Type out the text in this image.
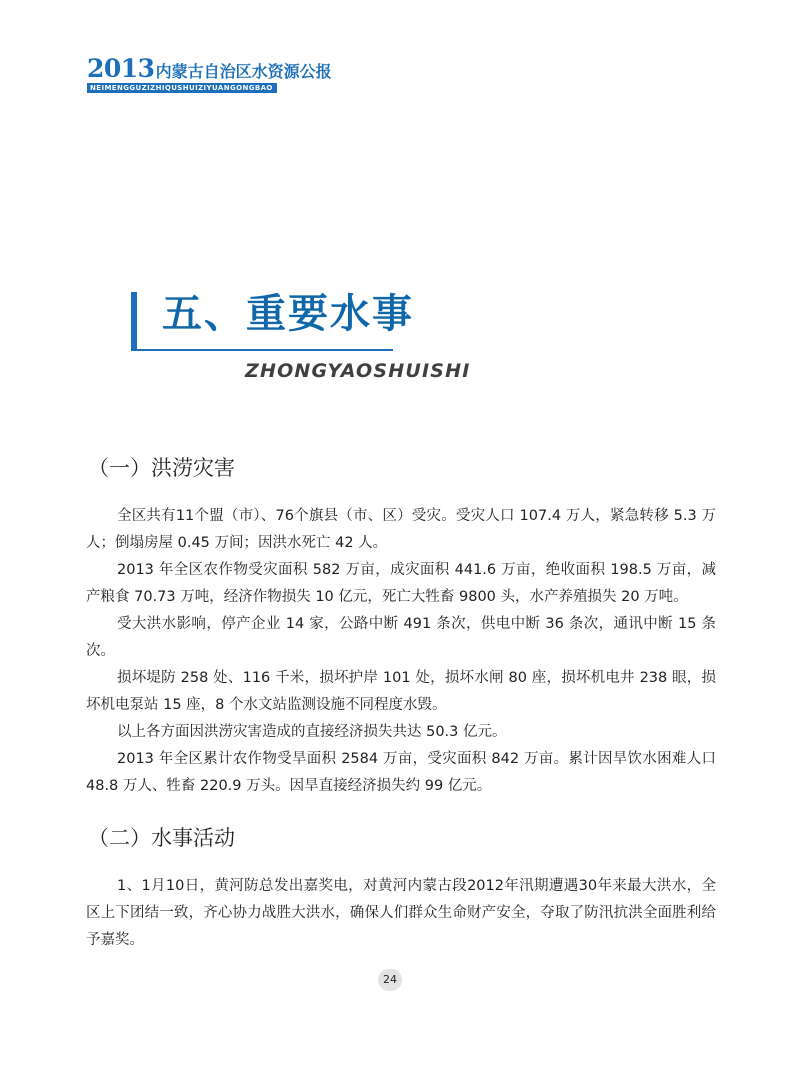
2013 内蒙古自治区水资源公报
NEIMENGGUZIZHIQUSHUIZIYUANGONGBAO
五、重要水事
ZHONGYAOSHUISHI
（一）洪涝灾害

全区共有11个盟（市）、76个旗县（市、区）受灾。受灾人口 107.4 万人，紧急转移 5.3 万人；倒塌房屋 0.45 万间；因洪水死亡 42 人。

2013 年全区农作物受灾面积 582 万亩，成灾面积 441.6 万亩，绝收面积 198.5 万亩，减产粮食 70.73 万吨，经济作物损失 10 亿元，死亡大牲畜 9800 头，水产养殖损失 20 万吨。

受大洪水影响，停产企业 14 家，公路中断 491 条次，供电中断 36 条次，通讯中断 15 条次。

损坏堤防 258 处、116 千米，损坏护岸 101 处，损坏水闸 80 座，损坏机电井 238 眼，损坏机电泵站 15 座，8 个水文站监测设施不同程度水毁。

以上各方面因洪涝灾害造成的直接经济损失共达 50.3 亿元。

2013 年全区累计农作物受旱面积 2584 万亩，受灾面积 842 万亩。累计因旱饮水困难人口 48.8 万人、牲畜 220.9 万头。因旱直接经济损失约 99 亿元。

（二）水事活动

1、1月10日，黄河防总发出嘉奖电，对黄河内蒙古段2012年汛期遭遇30年来最大洪水，全区上下团结一致，齐心协力战胜大洪水，确保人们群众生命财产安全，夺取了防汛抗洪全面胜利给予嘉奖。

24
